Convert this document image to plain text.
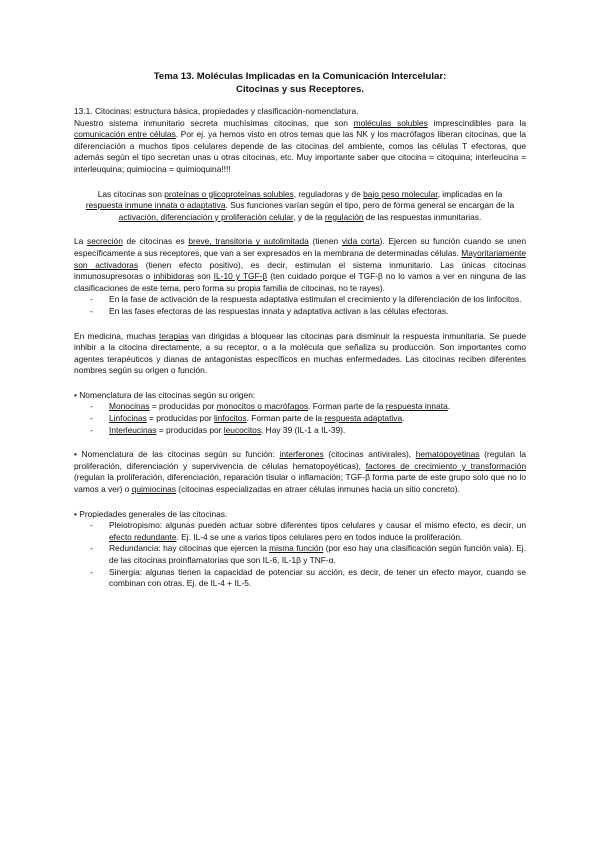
Tema 13. Moléculas Implicadas en la Comunicación Intercelular:
Citocinas y sus Receptores.

13.1. Citocinas: estructura básica, propiedades y clasificación-nomenclatura.
Nuestro sistema inmunitario secreta muchísimas citocinas, que son moléculas solubles imprescindibles para la comunicación entre células. Por ej. ya hemos visto en otros temas que las NK y los macrófagos liberan citocinas, que la diferenciación a muchos tipos celulares depende de las citocinas del ambiente, comos las células T efectoras, que además según el tipo secretan unas u otras citocinas, etc. Muy importante saber que citocina = citoquina; interleucina = interleuquina; quimiocina = quimioquina!!!!

Las citocinas son proteínas o glicoproteínas solubles, reguladoras y de bajo peso molecular, implicadas en la respuesta inmune innata o adaptativa. Sus funciones varían según el tipo, pero de forma general se encargan de la activación, diferenciación y proliferación celular, y de la regulación de las respuestas inmunitarias.

La secreción de citocinas es breve, transitoria y autolimitada (tienen vida corta). Ejercen su función cuando se unen específicamente a sus receptores, que van a ser expresados en la membrana de determinadas células. Mayoritariamente son activadoras (tienen efecto positivo), es decir, estimulan el sistema inmunitario. Las únicas citocinas inmunosupresoras o inhibidoras son IL-10 y TGF-β (ten cuidado porque el TGF-β no lo vamos a ver en ninguna de las clasificaciones de este tema, pero forma su propia familia de citocinas, no te rayes).

- En la fase de activación de la respuesta adaptativa estimulan el crecimiento y la diferenciación de los linfocitos.
- En las fases efectoras de las respuestas innata y adaptativa activan a las células efectoras.

En medicina, muchas terapias van dirigidas a bloquear las citocinas para disminuir la respuesta inmunitaria. Se puede inhibir a la citocina directamente, a su receptor, o a la molécula que señaliza su producción. Son importantes como agentes terapéuticos y dianas de antagonistas específicos en muchas enfermedades. Las citocinas reciben diferentes nombres según su origen o función.

• Nomenclatura de las citocinas según su origen:

- Monocinas = producidas por monocitos o macrófagos. Forman parte de la respuesta innata.
- Linfocinas = producidas por linfocitos. Forman parte de la respuesta adaptativa.
- Interleucinas = producidas por leucocitos. Hay 39 (IL-1 a IL-39).

• Nomenclatura de las citocinas según su función: interferones (citocinas antivirales), hematopoyetinas (regulan la proliferación, diferenciación y supervivencia de células hematopoyéticas), factores de crecimiento y transformación (regulan la proliferación, diferenciación, reparación tisular o inflamación; TGF-β forma parte de este grupo solo que no lo vamos a ver) o quimiocinas (citocinas especializadas en atraer células inmunes hacia un sitio concreto).

• Propiedades generales de las citocinas.

- Pleiotropismo: algunas pueden actuar sobre diferentes tipos celulares y causar el mismo efecto, es decir, un efecto redundante. Ej. IL-4 se une a varios tipos celulares pero en todos induce la proliferación.
- Redundancia: hay citocinas que ejercen la misma función (por eso hay una clasificación según función vaia). Ej. de las citocinas proinflamatorias que son IL-6, IL-1β y TNF-α.
- Sinergia: algunas tienen la capacidad de potenciar su acción, es decir, de tener un efecto mayor, cuando se combinan con otras. Ej. de IL-4 + IL-5.
